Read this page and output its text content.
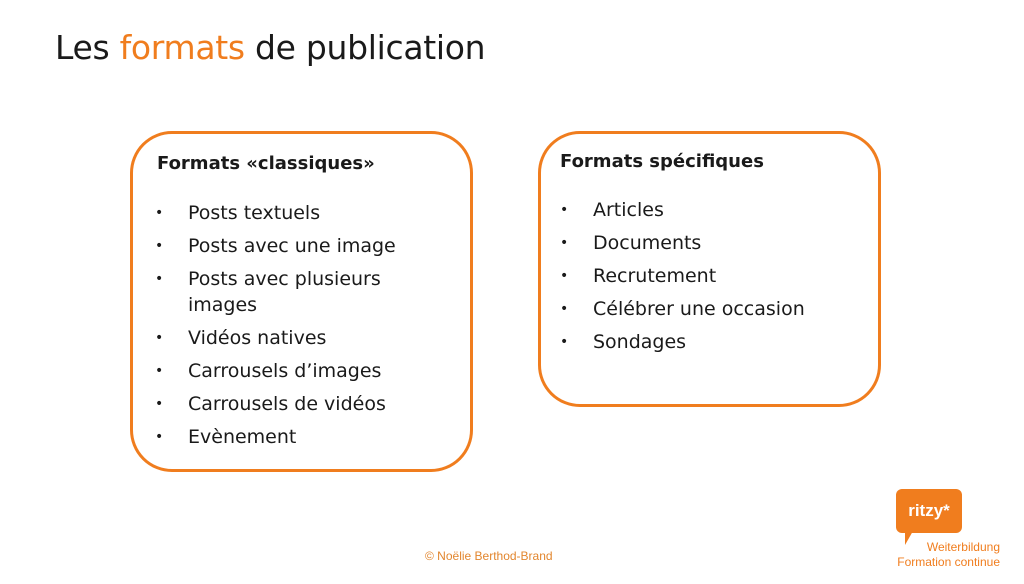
Les formats de publication
Formats «classiques»
• Posts textuels
• Posts avec une image
• Posts avec plusieurs images
• Vidéos natives
• Carrousels d’images
• Carrousels de vidéos
• Evènement
Formats spécifiques
• Articles
• Documents
• Recrutement
• Célébrer une occasion
• Sondages
© Noëlie Berthod-Brand
ritzy*
Weiterbildung
Formation continue
